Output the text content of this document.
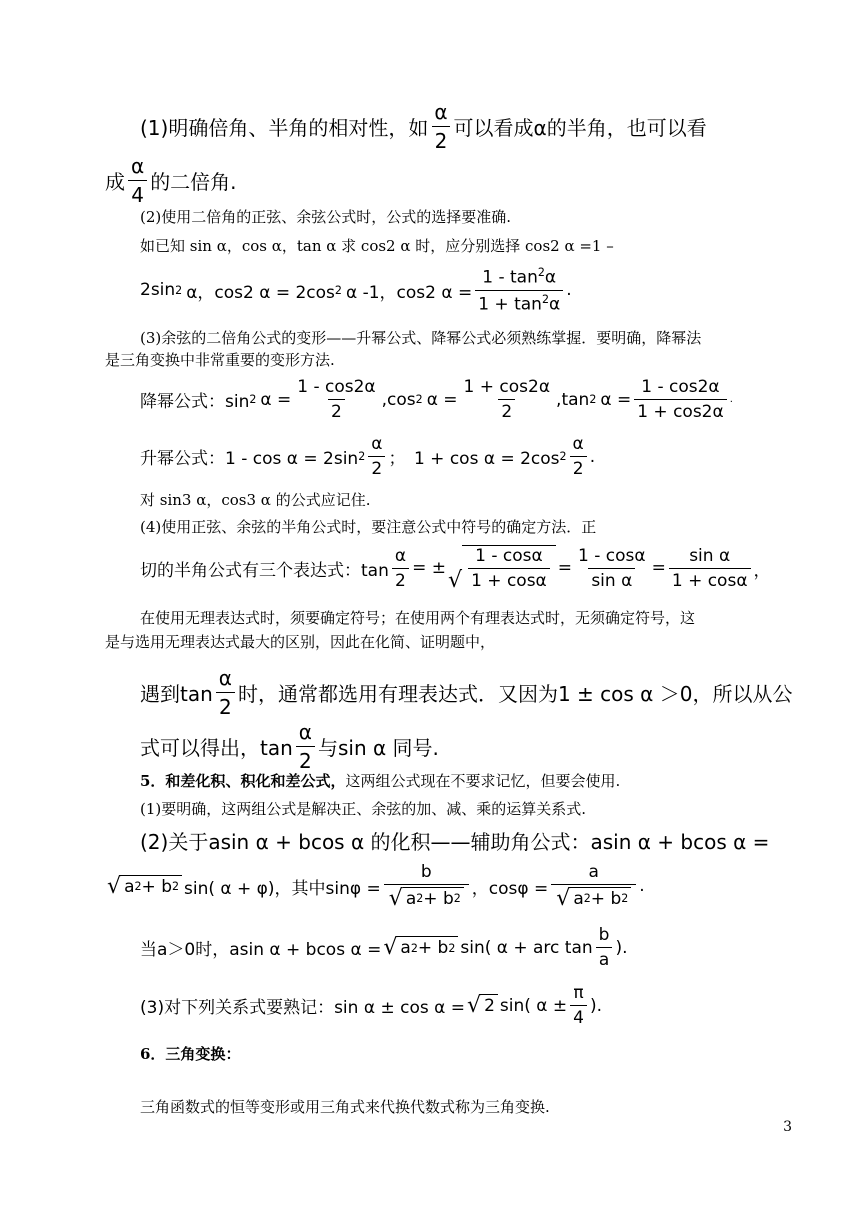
(1)明确倍角、半角的相对性，如 $\frac{\alpha}{2}$ 可以看成α的半角，也可以看
成 $\frac{\alpha}{4}$ 的二倍角.
(2)使用二倍角的正弦、余弦公式时，公式的选择要准确.
如已知 sin α，cos α，tan α 求 cos2 α 时，应分别选择 cos2 α =1 –
2sin 2 α，cos2 α = 2cos 2 α -1，cos2 $\alpha = \frac{1 - \tan^2\alpha}{1 + \tan^2\alpha}$ .
(3)余弦的二倍角公式的变形——升幂公式、降幂公式必须熟练掌握．要明确，降幂法
是三角变换中非常重要的变形方法.
降幂公式：sin 2 $\alpha = \frac{1 - \cos 2\alpha}{2} ,\cos$ 2 $\alpha = \frac{1 + \cos 2\alpha}{2} ,\tan$ 2 $\alpha = \frac{1 - \cos 2\alpha}{1 + \cos 2\alpha}$ .
升幂公式：1 - cos α = 2sin $2 \frac{\alpha}{2}$ ；　1 + cos α = 2cos $2 \frac{\alpha}{2}$ .
对 sin3 α，cos3 α 的公式应记住.
(4)使用正弦、余弦的半角公式时，要注意公式中符号的确定方法．正
切的半角公式有三个表达式：$\tan \frac{\alpha}{2}$ = ± √ $\frac{1 - \cos\alpha}{1 + \cos\alpha} = \frac{1 - \cos\alpha}{\text{sin α}} = \frac{\text{sin α}}{1 + \cos\alpha}$ ，
在使用无理表达式时，须要确定符号；在使用两个有理表达式时，无须确定符号，这
是与选用无理表达式最大的区别，因此在化简、证明题中，
遇到$\tan \frac{\alpha}{2}$ 时，通常都选用有理表达式．又因为1 ± cos α ＞0，所以从公
式可以得出，$\tan \frac{\alpha}{2}$ 与sin α 同号.
5．和差化积、积化和差公式， 这两组公式现在不要求记忆，但要会使用.
(1)要明确，这两组公式是解决正、余弦的加、减、乘的运算关系式.
(2)关于asin α + bcos α 的化积——辅助角公式：asin α + bcos α =
√ a 2 + b 2 sin( α + φ)，其中$\sin\varphi = \frac{b}{√ a 2 + b 2}$ ，$\cos\varphi = \frac{a}{√ a 2 + b 2}$ .
当a＞0时，asin α + bcos α = √ a 2 + b 2 sin( α + arc $\tan \frac{b}{a}$ ).
(3)对下列关系式要熟记：sin α ± cos α = √ 2 sin( $\alpha \pm \frac{\pi}{4}$ ).
6．三角变换：
三角函数式的恒等变形或用三角式来代换代数式称为三角变换.
3
